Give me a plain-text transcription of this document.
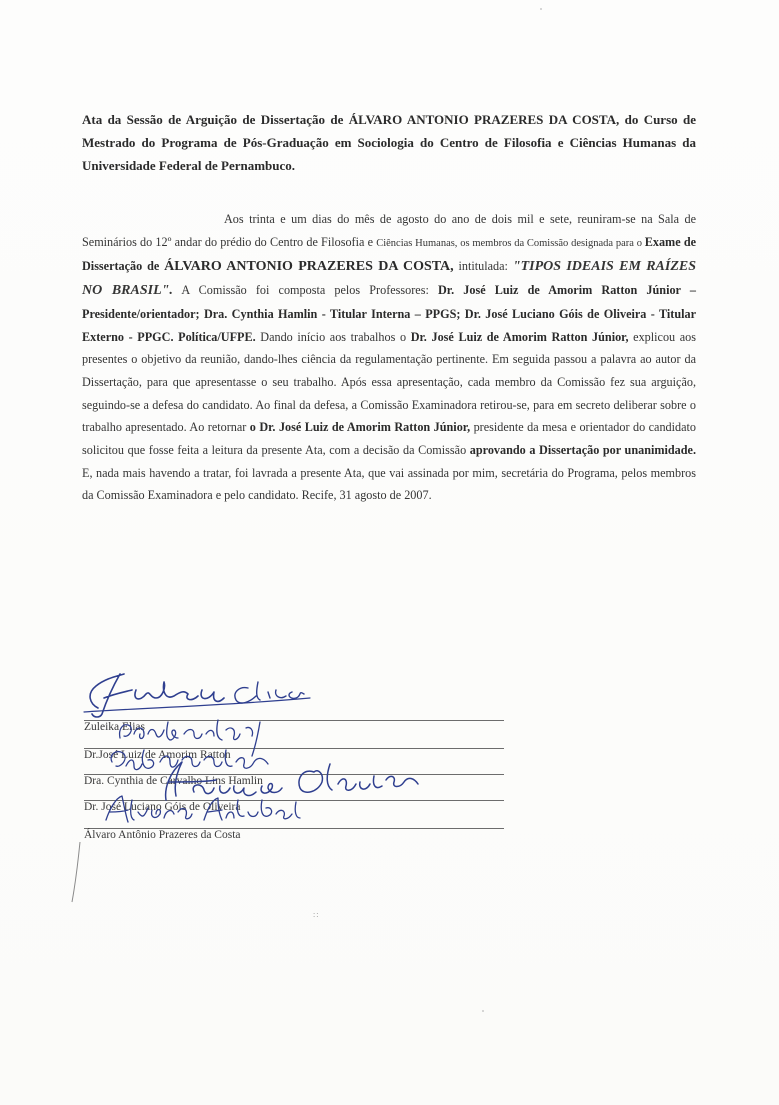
Ata da Sessão de Arguição de Dissertação de ÁLVARO ANTONIO PRAZERES DA COSTA, do Curso de Mestrado do Programa de Pós-Graduação em Sociologia do Centro de Filosofia e Ciências Humanas da Universidade Federal de Pernambuco.
Aos trinta e um dias do mês de agosto do ano de dois mil e sete, reuniram-se na Sala de Seminários do 12º andar do prédio do Centro de Filosofia e Ciências Humanas, os membros da Comissão designada para o Exame de Dissertação de ÁLVARO ANTONIO PRAZERES DA COSTA, intitulada: "TIPOS IDEAIS EM RAÍZES NO BRASIL". A Comissão foi composta pelos Professores: Dr. José Luiz de Amorim Ratton Júnior – Presidente/orientador; Dra. Cynthia Hamlin - Titular Interna – PPGS; Dr. José Luciano Góis de Oliveira - Titular Externo - PPGC. Política/UFPE. Dando início aos trabalhos o Dr. José Luiz de Amorim Ratton Júnior, explicou aos presentes o objetivo da reunião, dando-lhes ciência da regulamentação pertinente. Em seguida passou a palavra ao autor da Dissertação, para que apresentasse o seu trabalho. Após essa apresentação, cada membro da Comissão fez sua arguição, seguindo-se a defesa do candidato. Ao final da defesa, a Comissão Examinadora retirou-se, para em secreto deliberar sobre o trabalho apresentado. Ao retornar o Dr. José Luiz de Amorim Ratton Júnior, presidente da mesa e orientador do candidato solicitou que fosse feita a leitura da presente Ata, com a decisão da Comissão aprovando a Dissertação por unanimidade. E, nada mais havendo a tratar, foi lavrada a presente Ata, que vai assinada por mim, secretária do Programa, pelos membros da Comissão Examinadora e pelo candidato. Recife, 31 agosto de 2007.
Zuleika Elias
Dr.José Luiz de Amorim Ratton
Dra. Cynthia de Carvalho Lins Hamlin
Dr. José Luciano Góis de Oliveira
Álvaro Antônio Prazeres da Costa
::
